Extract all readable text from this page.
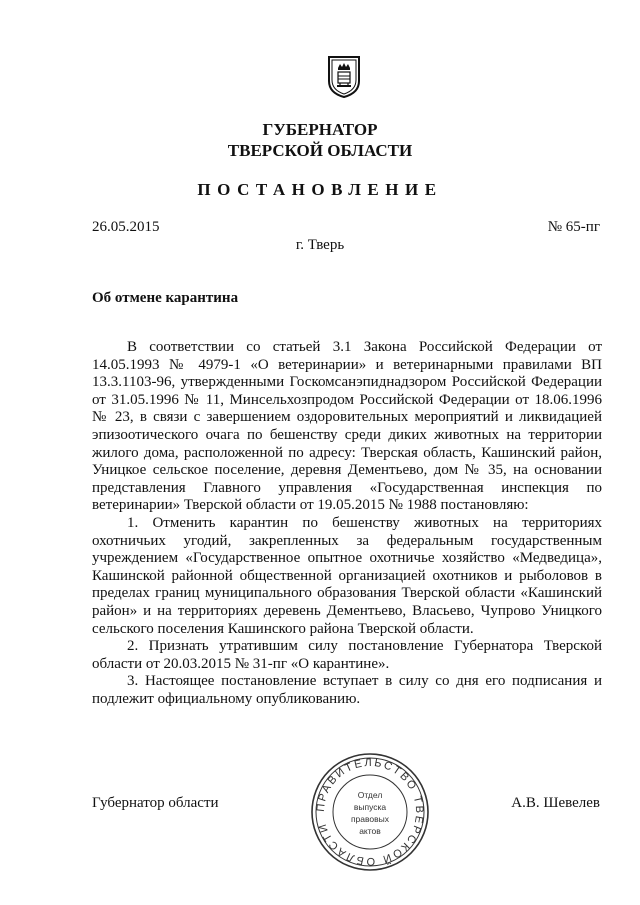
ГУБЕРНАТОР
ТВЕРСКОЙ ОБЛАСТИ
ПОСТАНОВЛЕНИЕ
26.05.2015	№ 65-пг
г. Тверь
Об отмене карантина

В соответствии со статьей 3.1 Закона Российской Федерации от 14.05.1993 № 4979-1 «О ветеринарии» и ветеринарными правилами ВП 13.3.1103-96, утвержденными Госкомсанэпиднадзором Российской Федерации от 31.05.1996 № 11, Минсельхозпродом Российской Федерации от 18.06.1996 № 23, в связи с завершением оздоровительных мероприятий и ликвидацией эпизоотического очага по бешенству среди диких животных на территории жилого дома, расположенной по адресу: Тверская область, Кашинский район, Уницкое сельское поселение, деревня Дементьево, дом № 35, на основании представления Главного управления «Государственная инспекция по ветеринарии» Тверской области от 19.05.2015 № 1988 постановляю:

1. Отменить карантин по бешенству животных на территориях охотничьих угодий, закрепленных за федеральным государственным учреждением «Государственное опытное охотничье хозяйство «Медведица», Кашинской районной общественной организацией охотников и рыболовов в пределах границ муниципального образования Тверской области «Кашинский район» и на территориях деревень Дементьево, Власьево, Чупрово Уницкого сельского поселения Кашинского района Тверской области.

2. Признать утратившим силу постановление Губернатора Тверской области от 20.03.2015 № 31-пг «О карантине».

3. Настоящее постановление вступает в силу со дня его подписания и подлежит официальному опубликованию.

Губернатор области	А.В. Шевелев
ПРАВИТЕЛЬСТВО ТВЕРСКОЙ ОБЛАСТИ
Отдел
выпуска
правовых
актов
